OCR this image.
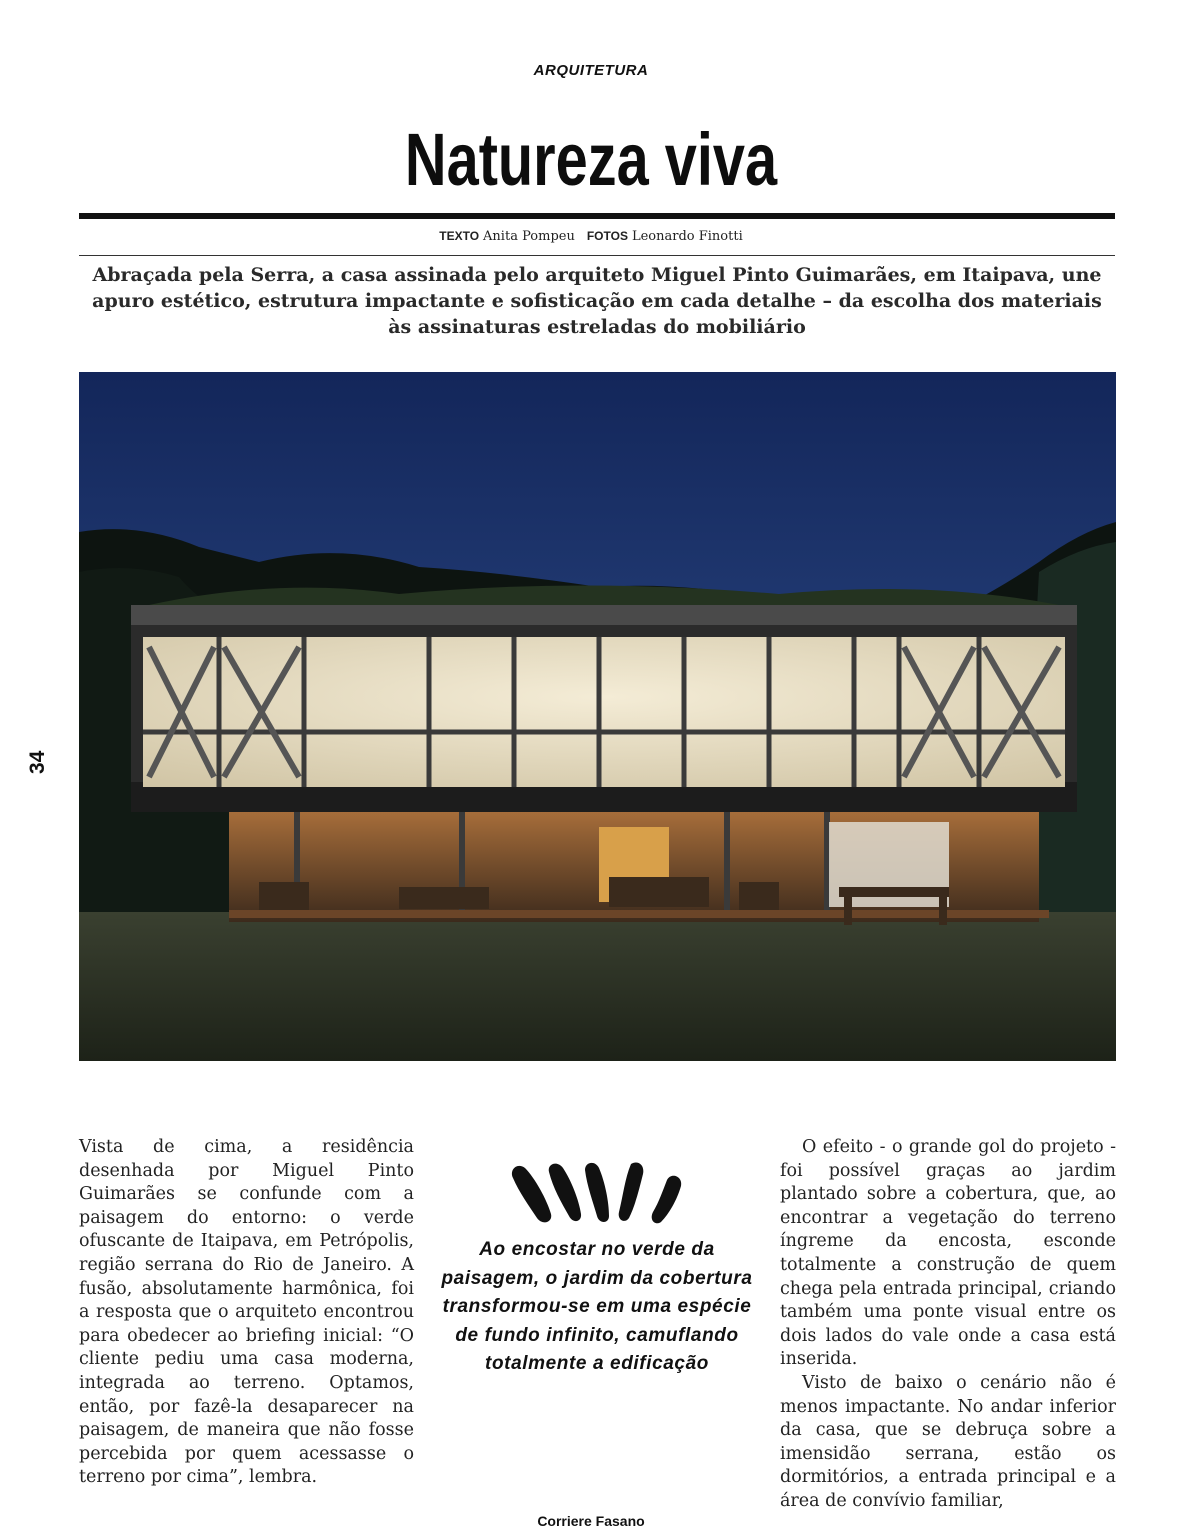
ARQUITETURA
Natureza viva
TEXTO Anita Pompeu FOTOS Leonardo Finotti
Abraçada pela Serra, a casa assinada pelo arquiteto Miguel Pinto Guimarães, em Itaipava, une apuro estético, estrutura impactante e sofisticação em cada detalhe – da escolha dos materiais às assinaturas estreladas do mobiliário
34

Vista de cima, a residência desenhada por Miguel Pinto Guimarães se confunde com a paisagem do entorno: o verde ofuscante de Itaipava, em Petrópolis, região serrana do Rio de Janeiro. A fusão, absolutamente harmônica, foi a resposta que o arquiteto encontrou para obedecer ao briefing inicial: “O cliente pediu uma casa moderna, integrada ao terreno. Optamos, então, por fazê-la desaparecer na paisagem, de maneira que não fosse percebida por quem acessasse o terreno por cima”, lembra.

Ao encostar no verde da paisagem, o jardim da cobertura transformou-se em uma espécie de fundo infinito, camuflando totalmente a edificação

O efeito - o grande gol do projeto - foi possível graças ao jardim plantado sobre a cobertura, que, ao encontrar a vegetação do terreno íngreme da encosta, esconde totalmente a construção de quem chega pela entrada principal, criando também uma ponte visual entre os dois lados do vale onde a casa está inserida.

Visto de baixo o cenário não é menos impactante. No andar inferior da casa, que se debruça sobre a imensidão serrana, estão os dormitórios, a entrada principal e a área de convívio familiar,

Corriere Fasano
